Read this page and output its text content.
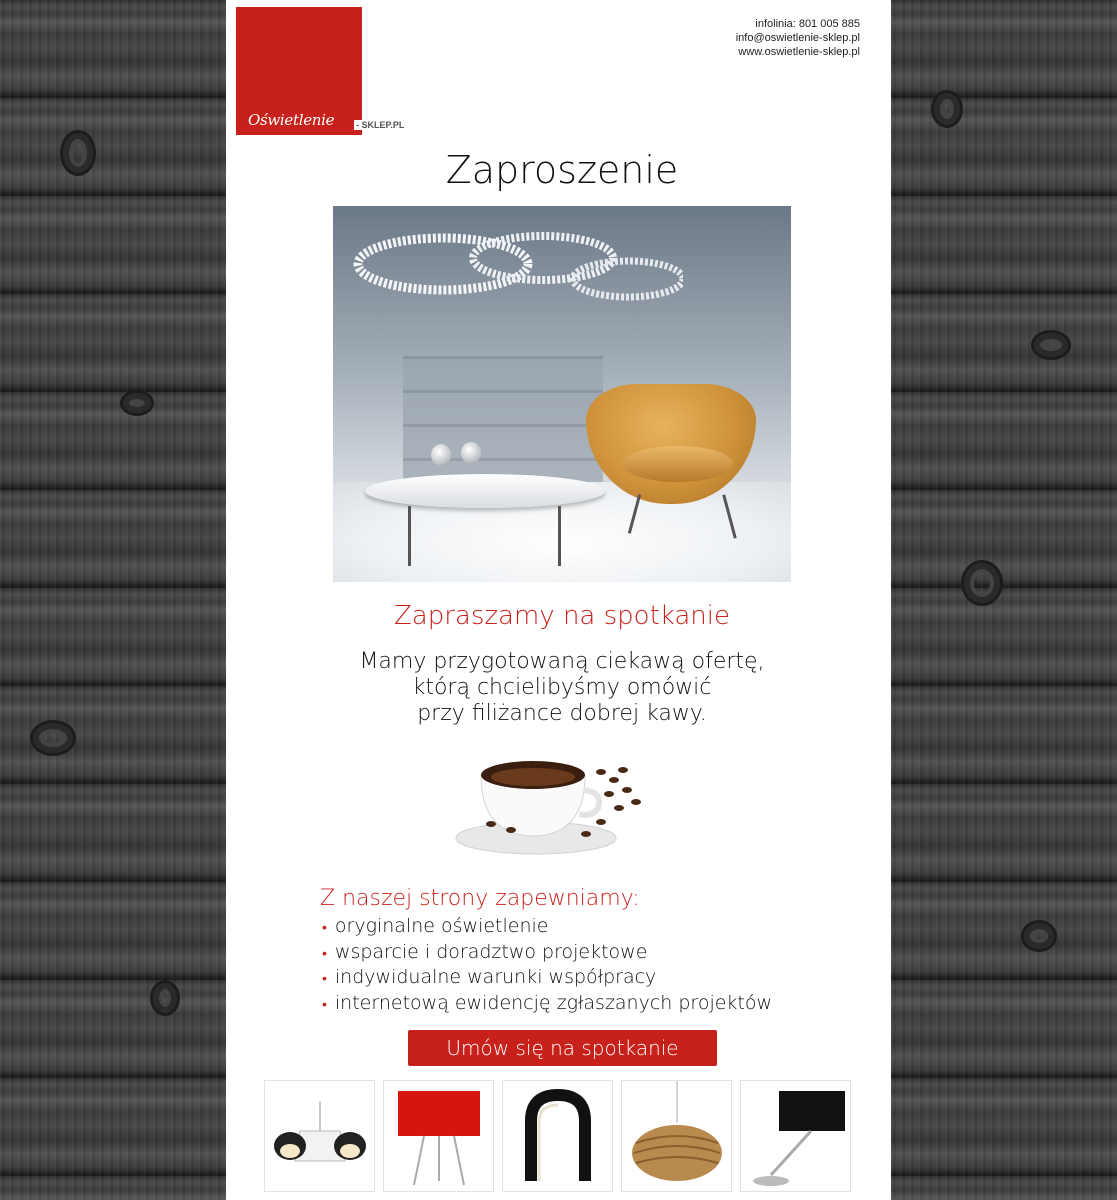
Oświetlenie - SKLEP.PL
infolinia: 801 005 885
info@oswietlenie-sklep.pl
www.oswietlenie-sklep.pl
Zaproszenie
Zapraszamy na spotkanie
Mamy przygotowaną ciekawą ofertę,
którą chcielibyśmy omówić
przy filiżance dobrej kawy.
Z naszej strony zapewniamy:
• oryginalne oświetlenie
• wsparcie i doradztwo projektowe
• indywidualne warunki współpracy
• internetową ewidencję zgłaszanych projektów
Umów się na spotkanie
